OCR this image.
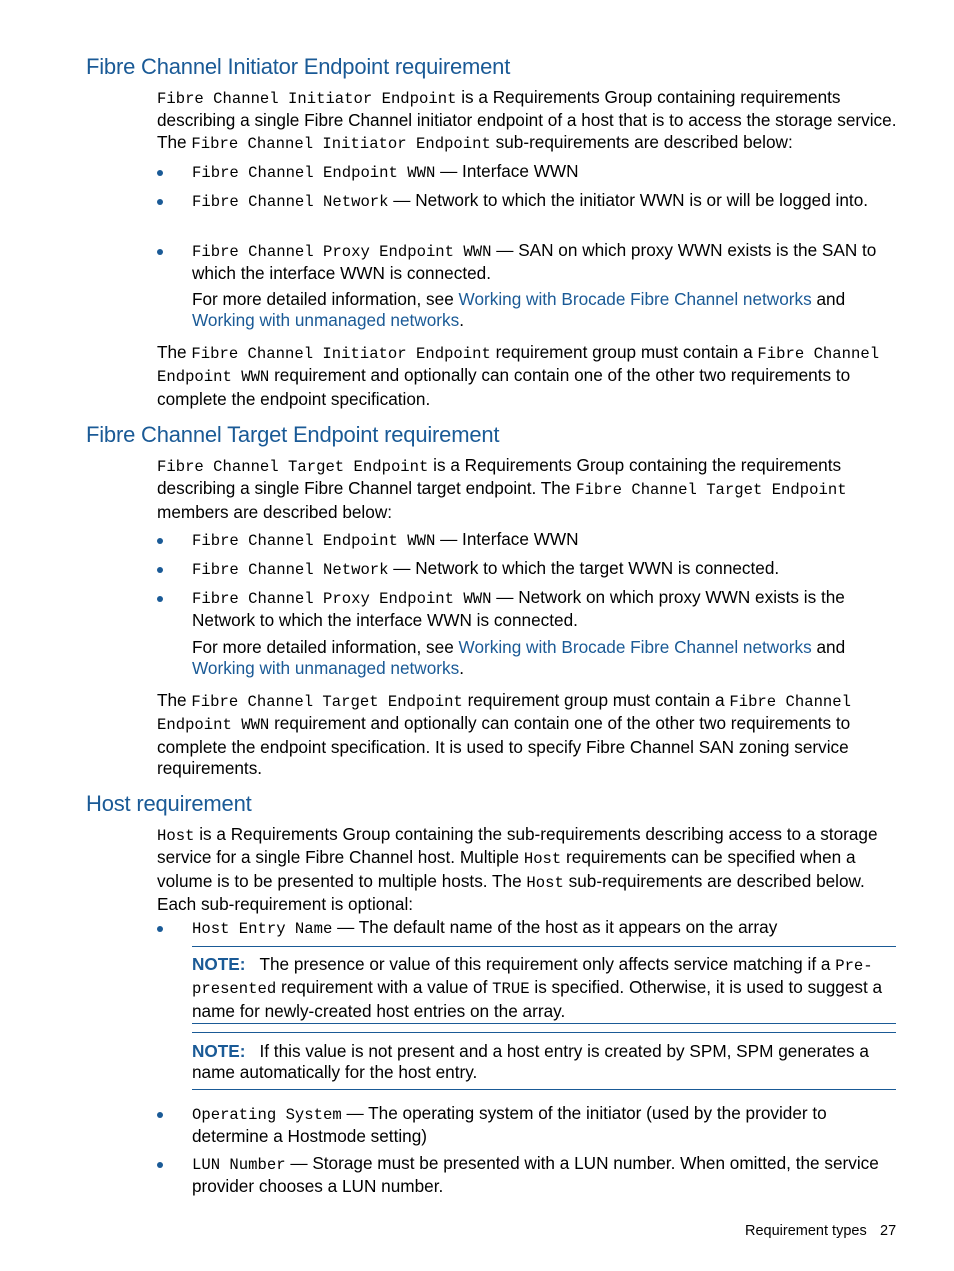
Fibre Channel Initiator Endpoint requirement

Fibre Channel Initiator Endpoint is a Requirements Group containing requirements describing a single Fibre Channel initiator endpoint of a host that is to access the storage service. The Fibre Channel Initiator Endpoint sub-requirements are described below:

Fibre Channel Endpoint WWN — Interface WWN

Fibre Channel Network — Network to which the initiator WWN is or will be logged into.

Fibre Channel Proxy Endpoint WWN — SAN on which proxy WWN exists is the SAN to which the interface WWN is connected.

For more detailed information, see Working with Brocade Fibre Channel networks and Working with unmanaged networks.

The Fibre Channel Initiator Endpoint requirement group must contain a Fibre Channel Endpoint WWN requirement and optionally can contain one of the other two requirements to complete the endpoint specification.

Fibre Channel Target Endpoint requirement

Fibre Channel Target Endpoint is a Requirements Group containing the requirements describing a single Fibre Channel target endpoint. The Fibre Channel Target Endpoint members are described below:

Fibre Channel Endpoint WWN — Interface WWN

Fibre Channel Network — Network to which the target WWN is connected.

Fibre Channel Proxy Endpoint WWN — Network on which proxy WWN exists is the Network to which the interface WWN is connected.

For more detailed information, see Working with Brocade Fibre Channel networks and Working with unmanaged networks.

The Fibre Channel Target Endpoint requirement group must contain a Fibre Channel Endpoint WWN requirement and optionally can contain one of the other two requirements to complete the endpoint specification. It is used to specify Fibre Channel SAN zoning service requirements.

Host requirement

Host is a Requirements Group containing the sub-requirements describing access to a storage service for a single Fibre Channel host. Multiple Host requirements can be specified when a volume is to be presented to multiple hosts. The Host sub-requirements are described below. Each sub-requirement is optional:

Host Entry Name — The default name of the host as it appears on the array

NOTE: The presence or value of this requirement only affects service matching if a Pre-presented requirement with a value of TRUE is specified. Otherwise, it is used to suggest a name for newly-created host entries on the array.

NOTE: If this value is not present and a host entry is created by SPM, SPM generates a name automatically for the host entry.

Operating System — The operating system of the initiator (used by the provider to determine a Hostmode setting)

LUN Number — Storage must be presented with a LUN number. When omitted, the service provider chooses a LUN number.

Requirement types 27
